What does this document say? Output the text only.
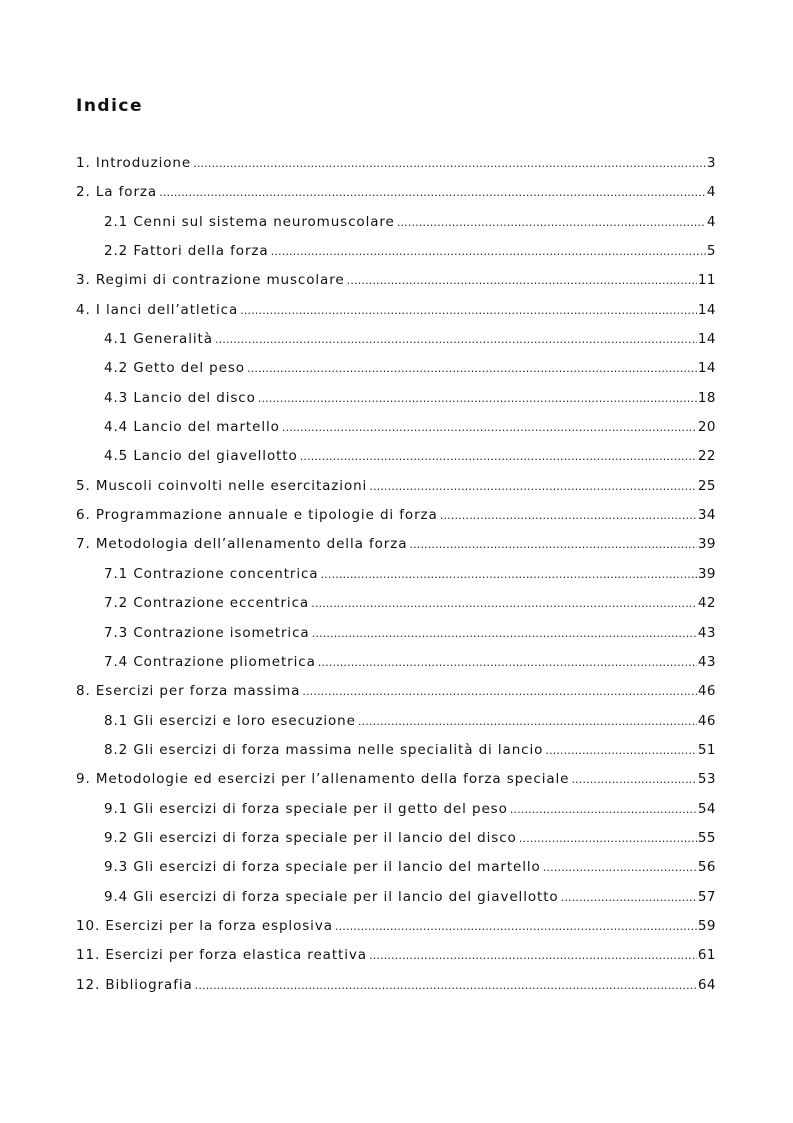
Indice
1. Introduzione …………………………………………………………………………………………………………………………………………………………………………………………	3
2. La forza …………………………………………………………………………………………………………………………………………………………………………………………	4
2.1 Cenni sul sistema neuromuscolare …………………………………………………………………………………………………………………………………………………………………………………………	4
2.2 Fattori della forza …………………………………………………………………………………………………………………………………………………………………………………………	5
3. Regimi di contrazione muscolare …………………………………………………………………………………………………………………………………………………………………………………………	11
4. I lanci dell’atletica …………………………………………………………………………………………………………………………………………………………………………………………	14
4.1 Generalità …………………………………………………………………………………………………………………………………………………………………………………………	14
4.2 Getto del peso …………………………………………………………………………………………………………………………………………………………………………………………	14
4.3 Lancio del disco …………………………………………………………………………………………………………………………………………………………………………………………	18
4.4 Lancio del martello …………………………………………………………………………………………………………………………………………………………………………………………	20
4.5 Lancio del giavellotto …………………………………………………………………………………………………………………………………………………………………………………………	22
5. Muscoli coinvolti nelle esercitazioni …………………………………………………………………………………………………………………………………………………………………………………………	25
6. Programmazione annuale e tipologie di forza …………………………………………………………………………………………………………………………………………………………………………………………	34
7. Metodologia dell’allenamento della forza …………………………………………………………………………………………………………………………………………………………………………………………	39
7.1 Contrazione concentrica …………………………………………………………………………………………………………………………………………………………………………………………	39
7.2 Contrazione eccentrica …………………………………………………………………………………………………………………………………………………………………………………………	42
7.3 Contrazione isometrica …………………………………………………………………………………………………………………………………………………………………………………………	43
7.4 Contrazione pliometrica …………………………………………………………………………………………………………………………………………………………………………………………	43
8. Esercizi per forza massima …………………………………………………………………………………………………………………………………………………………………………………………	46
8.1 Gli esercizi e loro esecuzione …………………………………………………………………………………………………………………………………………………………………………………………	46
8.2 Gli esercizi di forza massima nelle specialità di lancio …………………………………………………………………………………………………………………………………………………………………………………………	51
9. Metodologie ed esercizi per l’allenamento della forza speciale …………………………………………………………………………………………………………………………………………………………………………………………	53
9.1 Gli esercizi di forza speciale per il getto del peso …………………………………………………………………………………………………………………………………………………………………………………………	54
9.2 Gli esercizi di forza speciale per il lancio del disco …………………………………………………………………………………………………………………………………………………………………………………………	55
9.3 Gli esercizi di forza speciale per il lancio del martello …………………………………………………………………………………………………………………………………………………………………………………………	56
9.4 Gli esercizi di forza speciale per il lancio del giavellotto …………………………………………………………………………………………………………………………………………………………………………………………	57
10. Esercizi per la forza esplosiva …………………………………………………………………………………………………………………………………………………………………………………………	59
11. Esercizi per forza elastica reattiva …………………………………………………………………………………………………………………………………………………………………………………………	61
12. Bibliografia …………………………………………………………………………………………………………………………………………………………………………………………	64
